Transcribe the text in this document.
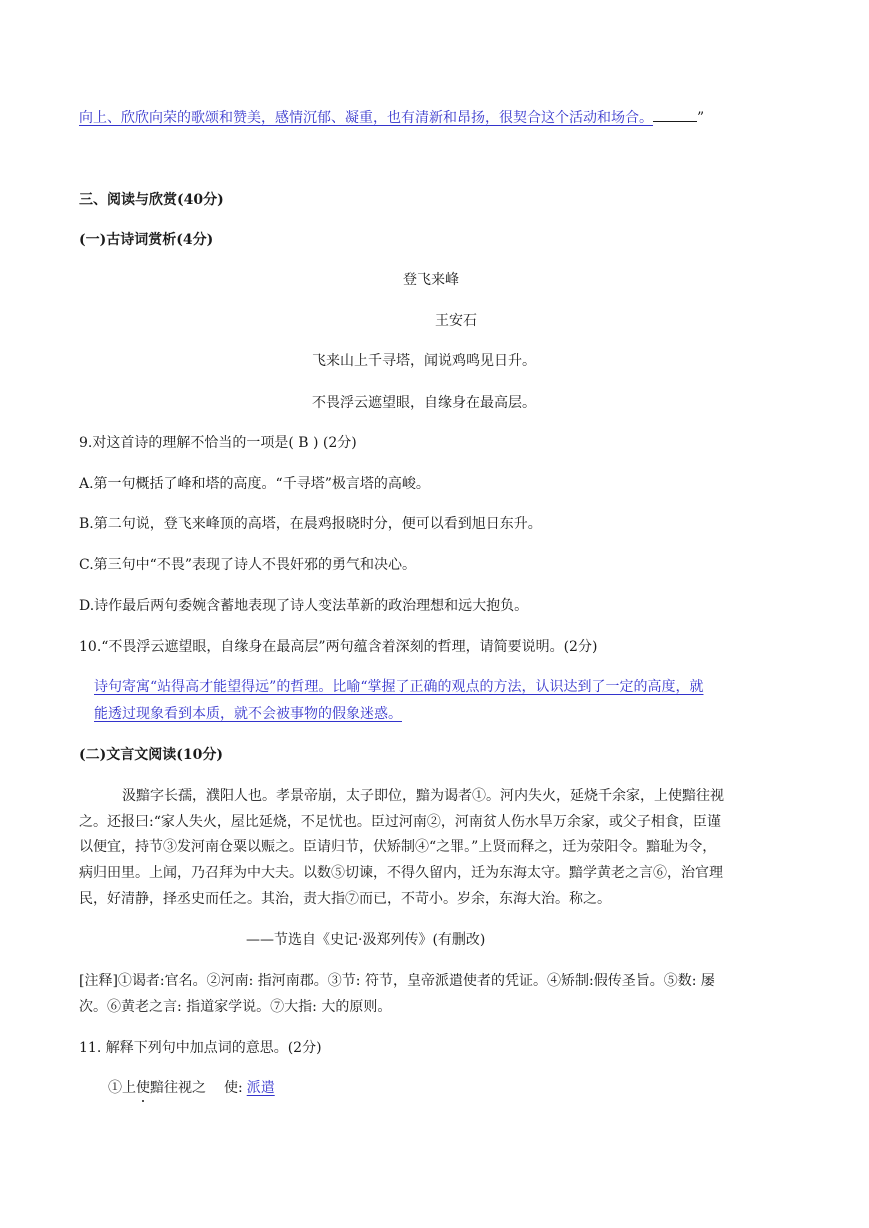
向上、欣欣向荣的歌颂和赞美，感情沉郁、凝重，也有清新和昂扬，很契合这个活动和场合。	”
三、阅读与欣赏(40分)
(一)古诗词赏析(4分)
登飞来峰
王安石
飞来山上千寻塔，闻说鸡鸣见日升。
不畏浮云遮望眼，自缘身在最高层。
9.对这首诗的理解不恰当的一项是( B ) (2分)
A.第一句概括了峰和塔的高度。“千寻塔”极言塔的高峻。
B.第二句说，登飞来峰顶的高塔，在晨鸡报晓时分，便可以看到旭日东升。
C.第三句中“不畏”表现了诗人不畏奸邪的勇气和决心。
D.诗作最后两句委婉含蓄地表现了诗人变法革新的政治理想和远大抱负。
10.“不畏浮云遮望眼，自缘身在最高层”两句蕴含着深刻的哲理，请简要说明。(2分)
诗句寄寓“站得高才能望得远”的哲理。比喻“掌握了正确的观点的方法，认识达到了一定的高度，就
能透过现象看到本质，就不会被事物的假象迷惑。
(二)文言文阅读(10分)
汲黯字长孺，濮阳人也。孝景帝崩，太子即位，黯为谒者①。河内失火，延烧千余家，上使黯往视
之。还报曰:“家人失火，屋比延烧，不足忧也。臣过河南②，河南贫人伤水旱万余家，或父子相食，臣谨
以便宜，持节③发河南仓粟以赈之。臣请归节，伏矫制④“之罪。”上贤而释之，迁为荥阳令。黯耻为令，
病归田里。上闻，乃召拜为中大夫。以数⑤切谏，不得久留内，迁为东海太守。黯学黄老之言⑥，治官理
民，好清静，择丞史而任之。其治，责大指⑦而已，不苛小。岁余，东海大治。称之。
——节选自《史记·汲郑列传》(有删改)
[注释]①谒者:官名。②河南: 指河南郡。③节: 符节，皇帝派遣使者的凭证。④矫制:假传圣旨。⑤数: 屡
次。⑥黄老之言: 指道家学说。⑦大指: 大的原则。
11. 解释下列句中加点词的意思。(2分)
①上使黯往视之 使: 派遣
